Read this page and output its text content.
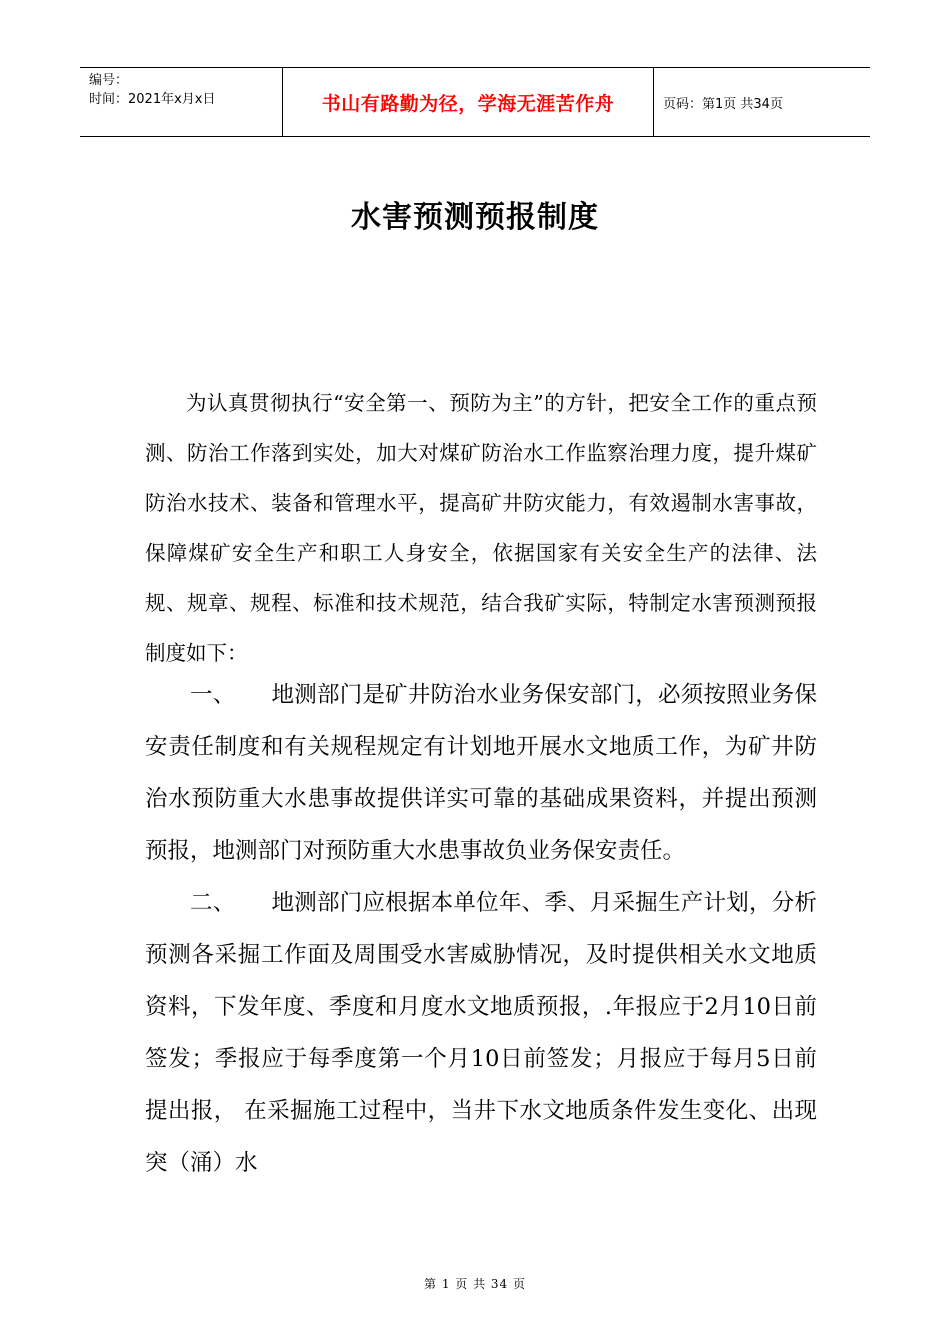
编号：
时间：2021年x月x日	书山有路勤为径，学海无涯苦作舟	页码：第1页 共34页
水害预测预报制度

为认真贯彻执行“安全第一、预防为主”的方针，把安全工作的重点预测、防治工作落到实处，加大对煤矿防治水工作监察治理力度，提升煤矿防治水技术、装备和管理水平，提高矿井防灾能力，有效遏制水害事故，保障煤矿安全生产和职工人身安全，依据国家有关安全生产的法律、法规、规章、规程、标准和技术规范，结合我矿实际，特制定水害预测预报制度如下：

一、 地测部门是矿井防治水业务保安部门，必须按照业务保安责任制度和有关规程规定有计划地开展水文地质工作，为矿井防治水预防重大水患事故提供详实可靠的基础成果资料，并提出预测预报，地测部门对预防重大水患事故负业务保安责任。

二、 地测部门应根据本单位年、季、月采掘生产计划，分析预测各采掘工作面及周围受水害威胁情况，及时提供相关水文地质资料，下发年度、季度和月度水文地质预报，.年报应于2月10日前签发；季报应于每季度第一个月10日前签发；月报应于每月5日前提出报， 在采掘施工过程中，当井下水文地质条件发生变化、出现突（涌）水

第 1 页 共 34 页
